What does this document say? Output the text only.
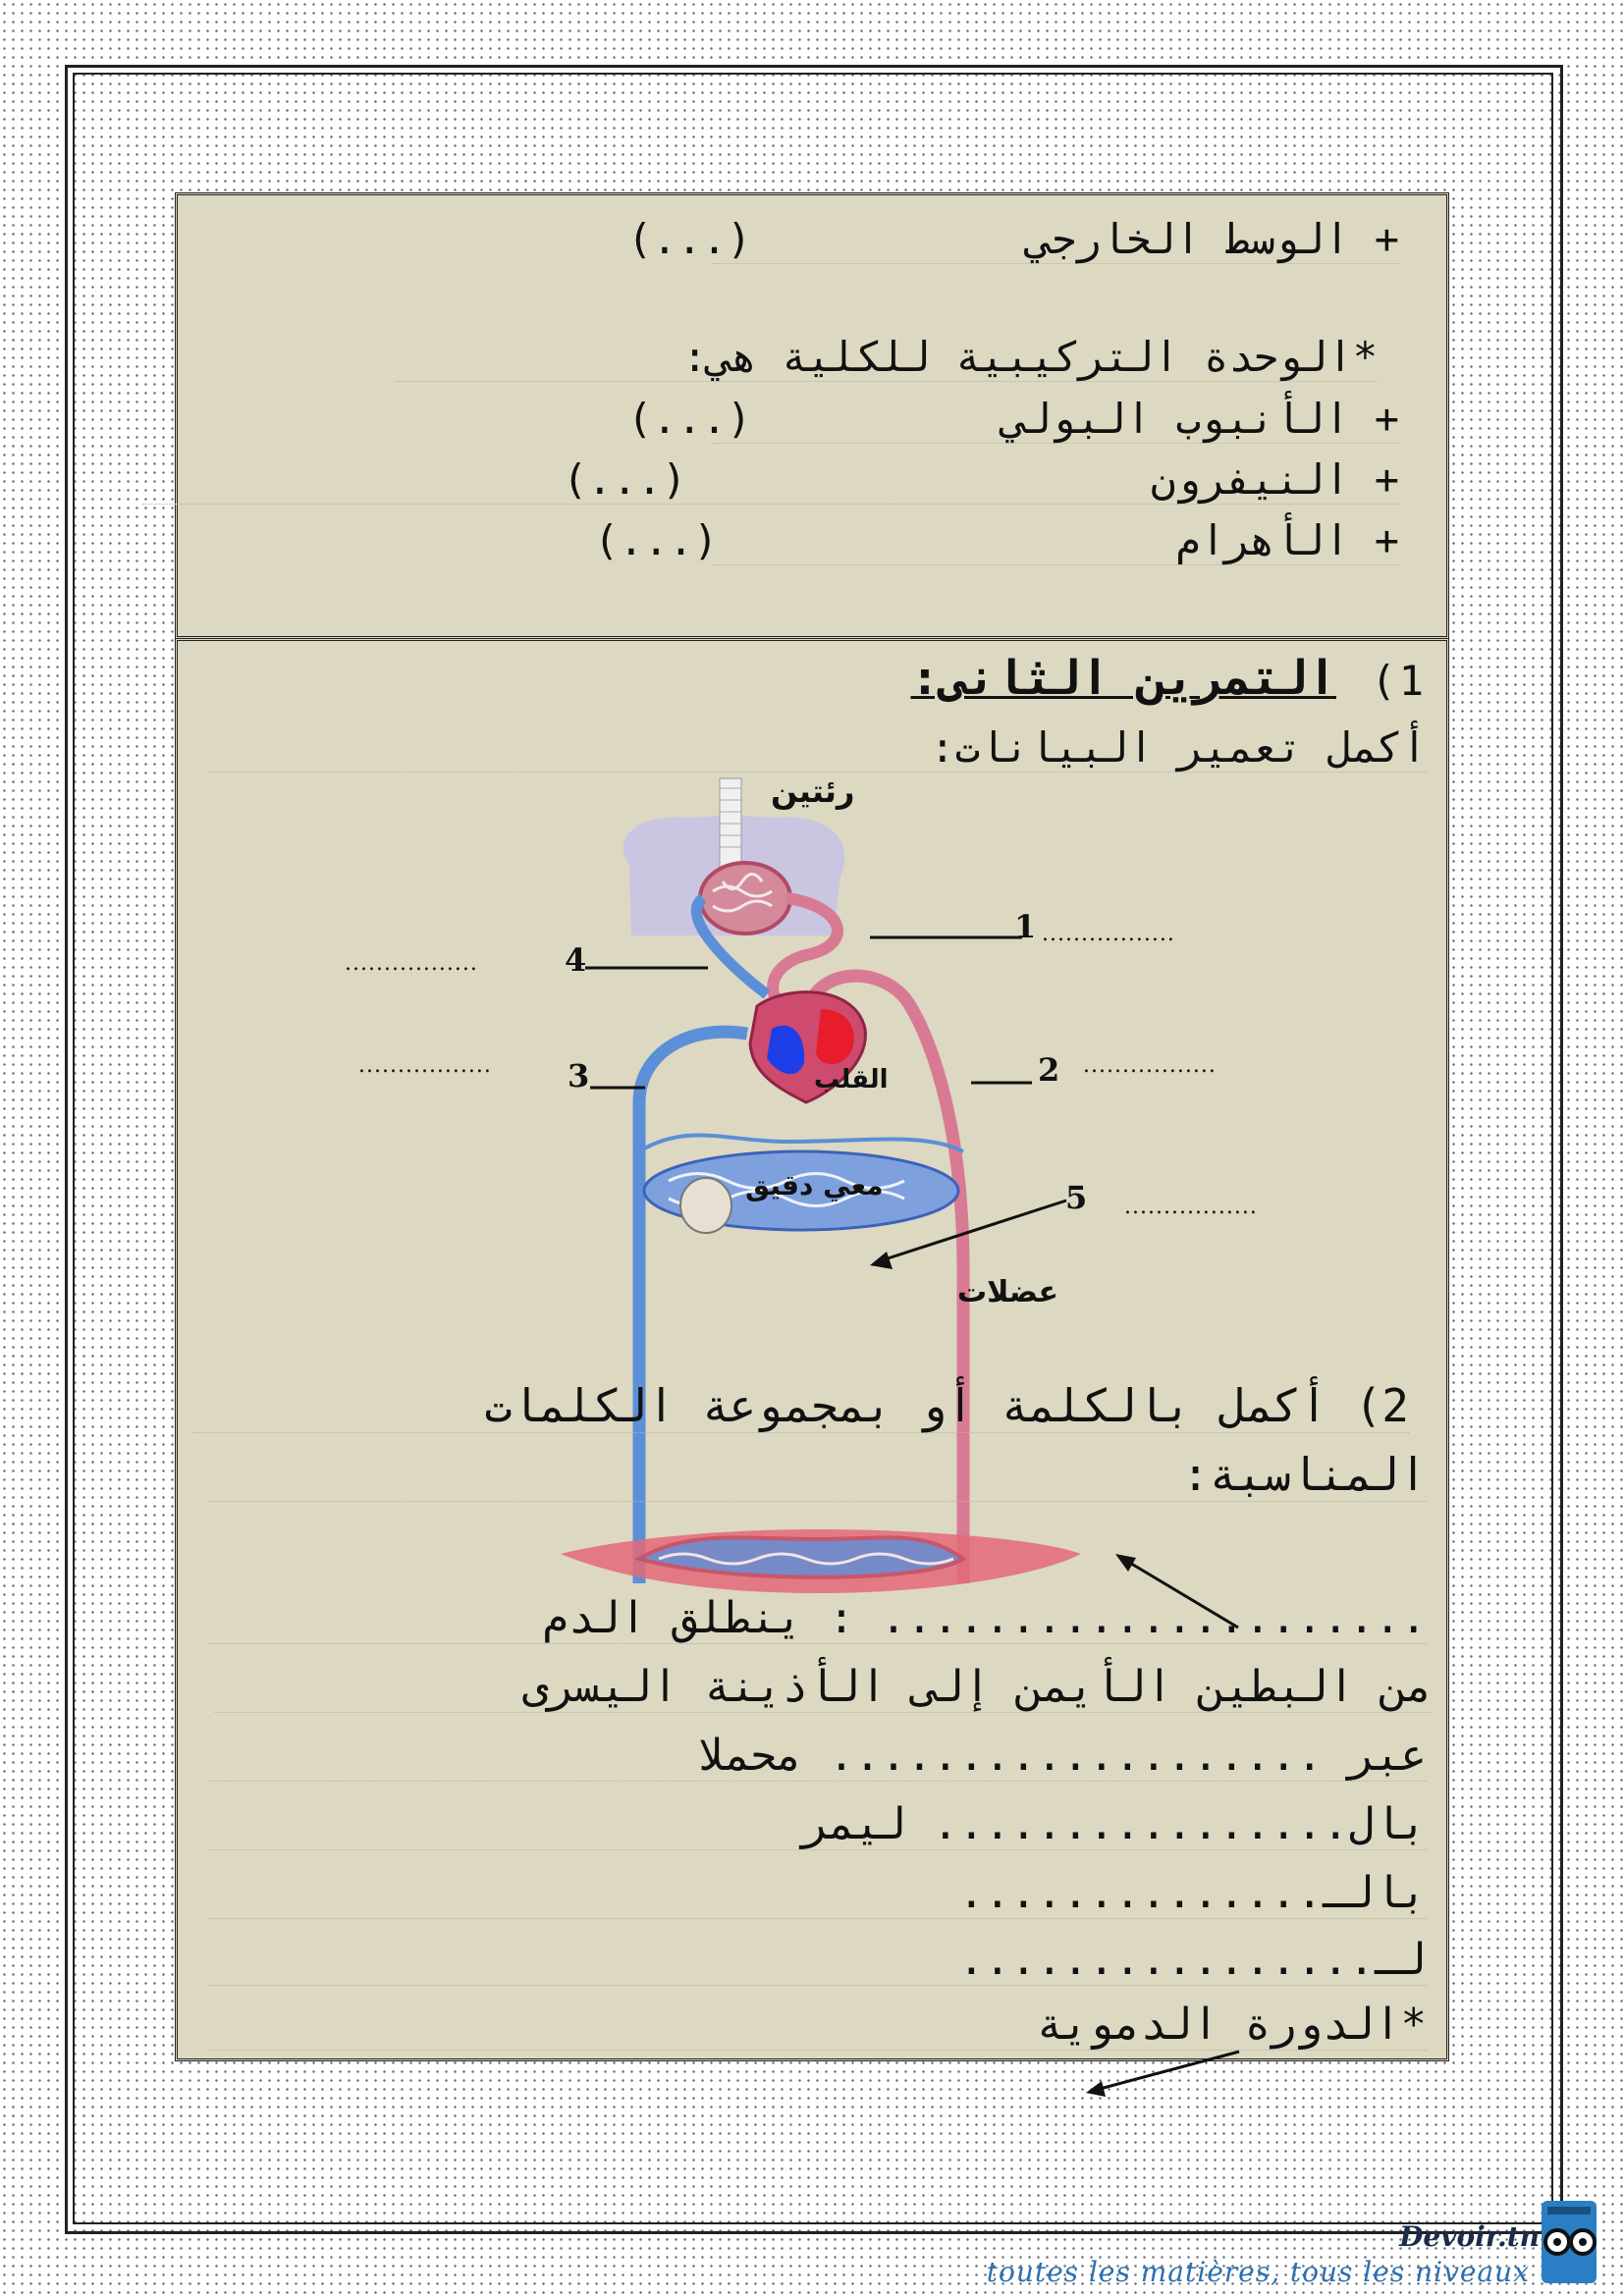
+ الوسط الخارجي
(...)
*الوحدة التركيبية للكلية هي:
+ الأنبوب البولي
(...)
+ النيفرون
(...)
+ الأهرام
(...)
1)
التمرين الثانى:
أكمل تعمير البيانات:
رئتين
القلب
معي دقيق
عضلات
1
4
3	2
5
.................
.................
.................	.................
.................
2) أكمل بالكلمة أو بمجموعة الكلمات
المناسبة:
..................... : ينطلق الدم
من البطين الأيمن إلى الأذينة اليسرى
عبر ................... محملا
بال................ ليمر
بالـ..............
لـ................
*الدورة الدموية
Devoir.tn
toutes les matières, tous les niveaux
